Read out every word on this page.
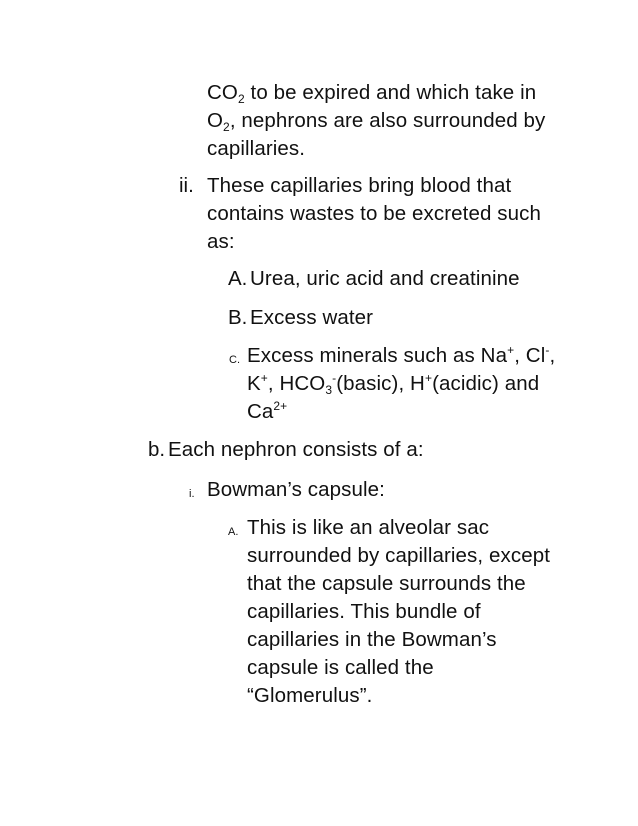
$CO_2$ to be expired and which take in
$O_2$, nephrons are also surrounded by
capillaries.
ii. These capillaries bring blood that
contains wastes to be excreted such
as:
A. Urea, uric acid and creatinine
B. Excess water
C. Excess minerals such as Na+, Cl-,
K+, $HCO_3^-(basic)$, H+(acidic) and
$Ca^{2+}$
b. Each nephron consists of a:
i. Bowman’s capsule:
A. This is like an alveolar sac
surrounded by capillaries, except
that the capsule surrounds the
capillaries. This bundle of
capillaries in the Bowman’s
capsule is called the
“Glomerulus”.
